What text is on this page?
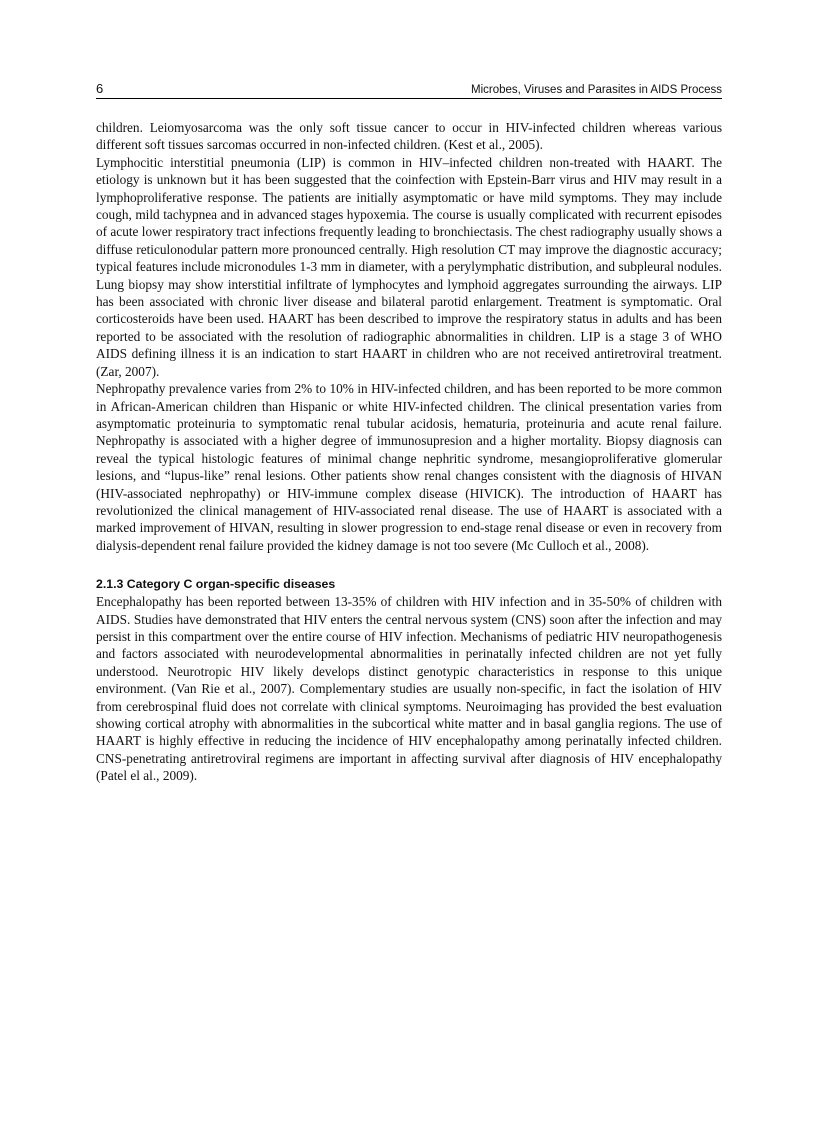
6	Microbes, Viruses and Parasites in AIDS Process

children. Leiomyosarcoma was the only soft tissue cancer to occur in HIV-infected children whereas various different soft tissues sarcomas occurred in non-infected children. (Kest et al., 2005).

Lymphocitic interstitial pneumonia (LIP) is common in HIV–infected children non-treated with HAART. The etiology is unknown but it has been suggested that the coinfection with Epstein-Barr virus and HIV may result in a lymphoproliferative response. The patients are initially asymptomatic or have mild symptoms. They may include cough, mild tachypnea and in advanced stages hypoxemia. The course is usually complicated with recurrent episodes of acute lower respiratory tract infections frequently leading to bronchiectasis. The chest radiography usually shows a diffuse reticulonodular pattern more pronounced centrally. High resolution CT may improve the diagnostic accuracy; typical features include micronodules 1-3 mm in diameter, with a perylymphatic distribution, and subpleural nodules. Lung biopsy may show interstitial infiltrate of lymphocytes and lymphoid aggregates surrounding the airways. LIP has been associated with chronic liver disease and bilateral parotid enlargement. Treatment is symptomatic. Oral corticosteroids have been used. HAART has been described to improve the respiratory status in adults and has been reported to be associated with the resolution of radiographic abnormalities in children. LIP is a stage 3 of WHO AIDS defining illness it is an indication to start HAART in children who are not received antiretroviral treatment. (Zar, 2007).

Nephropathy prevalence varies from 2% to 10% in HIV-infected children, and has been reported to be more common in African-American children than Hispanic or white HIV-infected children. The clinical presentation varies from asymptomatic proteinuria to symptomatic renal tubular acidosis, hematuria, proteinuria and acute renal failure. Nephropathy is associated with a higher degree of immunosupresion and a higher mortality. Biopsy diagnosis can reveal the typical histologic features of minimal change nephritic syndrome, mesangioproliferative glomerular lesions, and “lupus-like” renal lesions. Other patients show renal changes consistent with the diagnosis of HIVAN (HIV-associated nephropathy) or HIV-immune complex disease (HIVICK). The introduction of HAART has revolutionized the clinical management of HIV-associated renal disease. The use of HAART is associated with a marked improvement of HIVAN, resulting in slower progression to end-stage renal disease or even in recovery from dialysis-dependent renal failure provided the kidney damage is not too severe (Mc Culloch et al., 2008).

2.1.3 Category C organ-specific diseases

Encephalopathy has been reported between 13-35% of children with HIV infection and in 35-50% of children with AIDS. Studies have demonstrated that HIV enters the central nervous system (CNS) soon after the infection and may persist in this compartment over the entire course of HIV infection. Mechanisms of pediatric HIV neuropathogenesis and factors associated with neurodevelopmental abnormalities in perinatally infected children are not yet fully understood. Neurotropic HIV likely develops distinct genotypic characteristics in response to this unique environment. (Van Rie et al., 2007). Complementary studies are usually non-specific, in fact the isolation of HIV from cerebrospinal fluid does not correlate with clinical symptoms. Neuroimaging has provided the best evaluation showing cortical atrophy with abnormalities in the subcortical white matter and in basal ganglia regions. The use of HAART is highly effective in reducing the incidence of HIV encephalopathy among perinatally infected children. CNS-penetrating antiretroviral regimens are important in affecting survival after diagnosis of HIV encephalopathy (Patel el al., 2009).
